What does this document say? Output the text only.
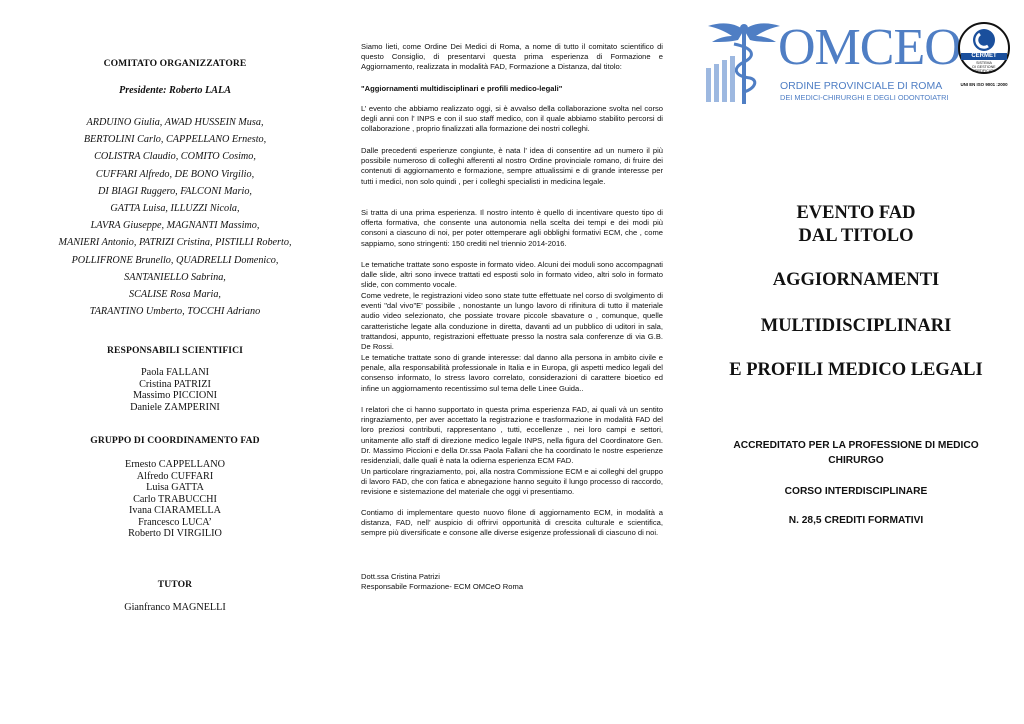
COMITATO ORGANIZZATORE
Presidente: Roberto LALA
ARDUINO Giulia, AWAD HUSSEIN Musa,
BERTOLINI Carlo, CAPPELLANO Ernesto,
COLISTRA Claudio, COMITO Cosimo,
CUFFARI Alfredo, DE BONO Virgilio,
DI BIAGI Ruggero, FALCONI Mario,
GATTA Luisa, ILLUZZI Nicola,
LAVRA Giuseppe, MAGNANTI Massimo,
MANIERI Antonio, PATRIZI Cristina, PISTILLI Roberto,
POLLIFRONE Brunello, QUADRELLI Domenico,
SANTANIELLO Sabrina,
SCALISE Rosa Maria,
TARANTINO Umberto, TOCCHI Adriano
RESPONSABILI SCIENTIFICI
Paola FALLANI
Cristina PATRIZI
Massimo PICCIONI
Daniele ZAMPERINI
GRUPPO DI COORDINAMENTO FAD
Ernesto CAPPELLANO
Alfredo CUFFARI
Luisa GATTA
Carlo TRABUCCHI
Ivana CIARAMELLA
Francesco LUCA’
Roberto DI VIRGILIO
TUTOR
Gianfranco MAGNELLI

Siamo lieti, come Ordine Dei Medici di Roma, a nome di tutto il comitato scientifico di questo Consiglio, di presentarvi questa prima esperienza di Formazione e Aggiornamento, realizzata in modalità FAD, Formazione a Distanza, dal titolo:

"Aggiornamenti multidisciplinari e profili medico-legali"

L’ evento che abbiamo realizzato oggi, si è avvalso della collaborazione svolta nel corso degli anni con l’ INPS e con il suo staff medico, con il quale abbiamo stabilito percorsi di collaborazione , proprio finalizzati alla formazione dei nostri colleghi.

Dalle precedenti esperienze congiunte, è nata l’ idea di consentire ad un numero il più possibile numeroso di colleghi afferenti al nostro Ordine provinciale romano, di fruire dei contenuti di aggiornamento e formazione, sempre attualissimi e di grande interesse per tutti i medici, non solo quindi , per i colleghi specialisti in medicina legale.

Si tratta di una prima esperienza. Il nostro intento è quello di incentivare questo tipo di offerta formativa, che consente una autonomia nella scelta dei tempi e dei modi più consoni a ciascuno di noi, per poter ottemperare agli obblighi formativi ECM, che , come sappiamo, sono stringenti: 150 crediti nel triennio 2014-2016.

Le tematiche trattate sono esposte in formato video. Alcuni dei moduli sono accompagnati dalle slide, altri sono invece trattati ed esposti solo in formato video, altri solo in formato slide, con commento vocale.

Come vedrete, le registrazioni video sono state tutte effettuate nel corso di svolgimento di eventi "dal vivo"E' possibile , nonostante un lungo lavoro di rifinitura di tutto il materiale audio video selezionato, che possiate trovare piccole sbavature o , comunque, quelle caratteristiche legate alla conduzione in diretta, davanti ad un pubblico di uditori in sala, trattandosi, appunto, registrazioni effettuate presso la nostra sala conferenze di via G.B. De Rossi.

Le tematiche trattate sono di grande interesse: dal danno alla persona in ambito civile e penale, alla responsabilità professionale in Italia e in Europa, gli aspetti medico legali del consenso informato, lo stress lavoro correlato, considerazioni di carattere bioetico ed infine un aggiornamento recentissimo sul tema delle Linee Guida..

I relatori che ci hanno supportato in questa prima esperienza FAD, ai quali và un sentito ringraziamento, per aver accettato la registrazione e trasformazione in modalità FAD del loro preziosi contributi, rappresentano , tutti, eccellenze , nei loro campi e settori, unitamente allo staff di direzione medico legale INPS, nella figura del Coordinatore Gen. Dr. Massimo Piccioni e della Dr.ssa Paola Fallani che ha coordinato le nostre esperienze residenziali, dalle quali è nata la odierna esperienza ECM FAD.

Un particolare ringraziamento, poi, alla nostra Commissione ECM e ai colleghi del gruppo di lavoro FAD, che con fatica e abnegazione hanno seguito il lungo processo di raccordo, revisione e sistemazione del materiale che oggi vi presentiamo.

Contiamo di implementare questo nuovo filone di aggiornamento ECM, in modalità a distanza, FAD, nell’ auspicio di offrirvi opportunità di crescita culturale e scientifica, sempre più diversificate e consone alle diverse esigenze professionali di ciascuno di noi.

Dott.ssa Cristina Patrizi

Responsabile Formazione- ECM OMCeO Roma

OMCEO
ORDINE PROVINCIALE DI ROMA
DEI MEDICI-CHIRURGHI E DEGLI ODONTOIATRI
CERMET
SISTEMA
DI GESTIONE
CERTIFICATO
UNI EN ISO 9001 :2000
EVENTO FAD
DAL TITOLO
AGGIORNAMENTI
MULTIDISCIPLINARI
E PROFILI MEDICO LEGALI
ACCREDITATO PER LA PROFESSIONE DI MEDICO
CHIRURGO
CORSO INTERDISCIPLINARE
N. 28,5 CREDITI FORMATIVI
